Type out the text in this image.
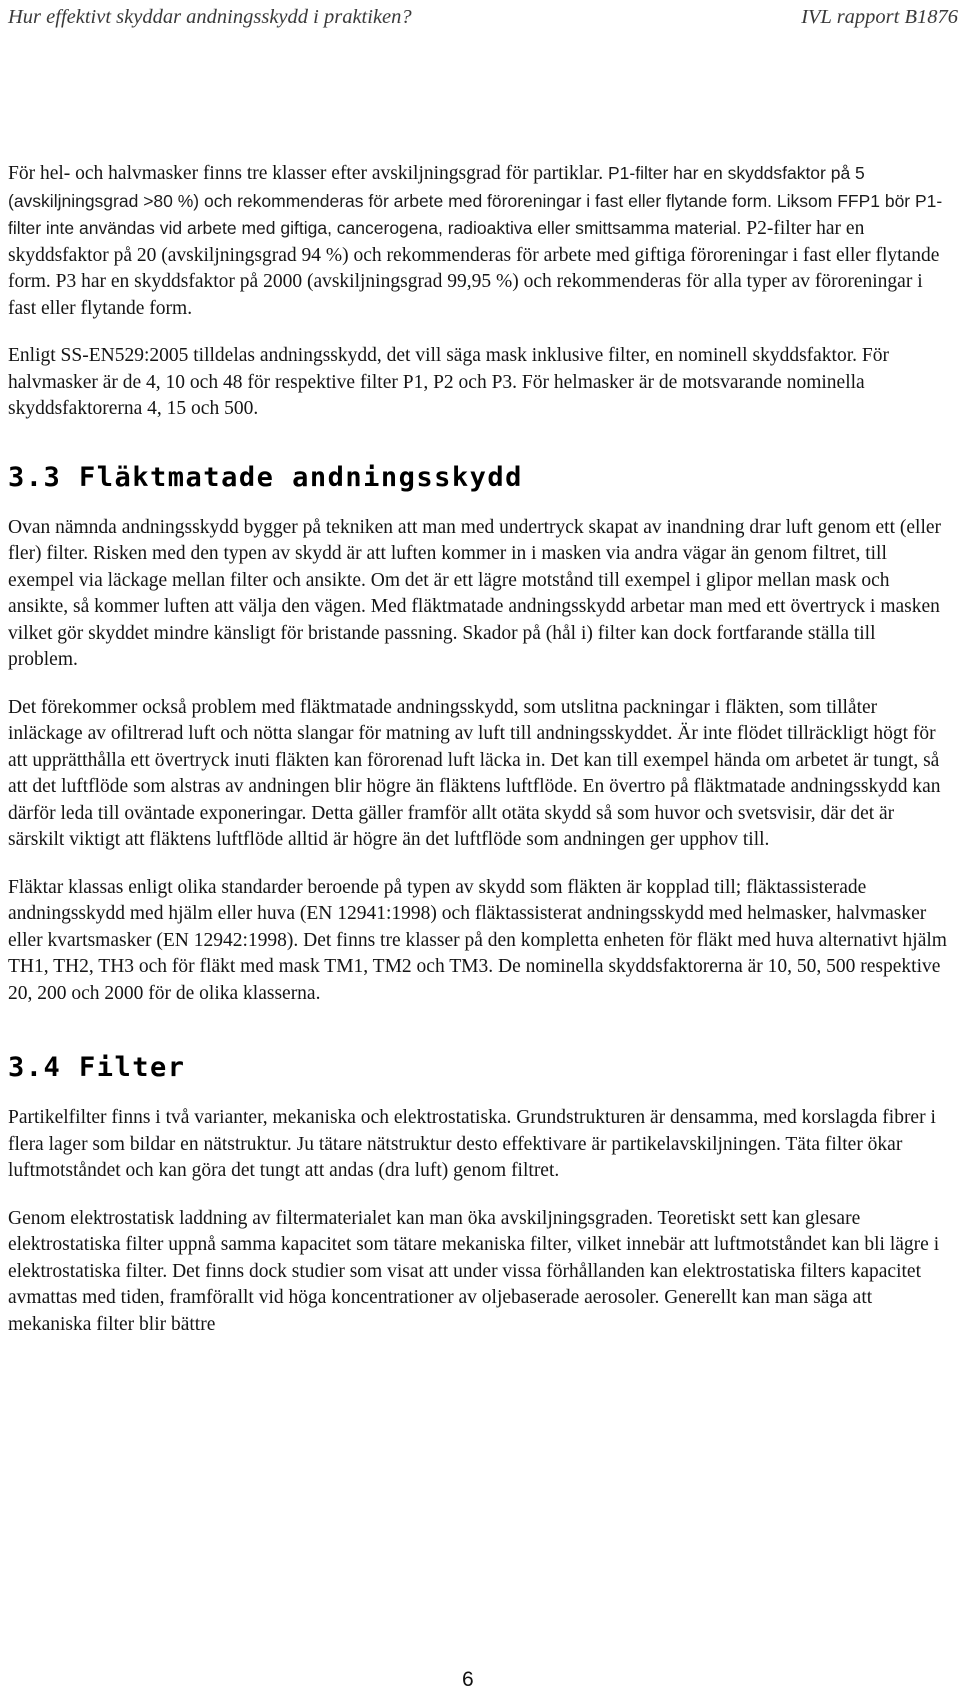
Hur effektivt skyddar andningsskydd i praktiken?	IVL rapport B1876

För hel- och halvmasker finns tre klasser efter avskiljningsgrad för partiklar. P1-filter har en skyddsfaktor på 5 (avskiljningsgrad >80 %) och rekommenderas för arbete med föroreningar i fast eller flytande form. Liksom FFP1 bör P1-filter inte användas vid arbete med giftiga, cancerogena, radioaktiva eller smittsamma material. P2-filter har en skyddsfaktor på 20 (avskiljningsgrad 94 %) och rekommenderas för arbete med giftiga föroreningar i fast eller flytande form. P3 har en skyddsfaktor på 2000 (avskiljningsgrad 99,95 %) och rekommenderas för alla typer av föroreningar i fast eller flytande form.

Enligt SS-EN529:2005 tilldelas andningsskydd, det vill säga mask inklusive filter, en nominell skyddsfaktor. För halvmasker är de 4, 10 och 48 för respektive filter P1, P2 och P3. För helmasker är de motsvarande nominella skyddsfaktorerna 4, 15 och 500.

3.3 Fläktmatade andningsskydd

Ovan nämnda andningsskydd bygger på tekniken att man med undertryck skapat av inandning drar luft genom ett (eller fler) filter. Risken med den typen av skydd är att luften kommer in i masken via andra vägar än genom filtret, till exempel via läckage mellan filter och ansikte. Om det är ett lägre motstånd till exempel i glipor mellan mask och ansikte, så kommer luften att välja den vägen. Med fläktmatade andningsskydd arbetar man med ett övertryck i masken vilket gör skyddet mindre känsligt för bristande passning. Skador på (hål i) filter kan dock fortfarande ställa till problem.

Det förekommer också problem med fläktmatade andningsskydd, som utslitna packningar i fläkten, som tillåter inläckage av ofiltrerad luft och nötta slangar för matning av luft till andningsskyddet. Är inte flödet tillräckligt högt för att upprätthålla ett övertryck inuti fläkten kan förorenad luft läcka in. Det kan till exempel hända om arbetet är tungt, så att det luftflöde som alstras av andningen blir högre än fläktens luftflöde. En övertro på fläktmatade andningsskydd kan därför leda till oväntade exponeringar. Detta gäller framför allt otäta skydd så som huvor och svetsvisir, där det är särskilt viktigt att fläktens luftflöde alltid är högre än det luftflöde som andningen ger upphov till.

Fläktar klassas enligt olika standarder beroende på typen av skydd som fläkten är kopplad till; fläktassisterade andningsskydd med hjälm eller huva (EN 12941:1998) och fläktassisterat andningsskydd med helmasker, halvmasker eller kvartsmasker (EN 12942:1998). Det finns tre klasser på den kompletta enheten för fläkt med huva alternativt hjälm TH1, TH2, TH3 och för fläkt med mask TM1, TM2 och TM3. De nominella skyddsfaktorerna är 10, 50, 500 respektive 20, 200 och 2000 för de olika klasserna.

3.4 Filter

Partikelfilter finns i två varianter, mekaniska och elektrostatiska. Grundstrukturen är densamma, med korslagda fibrer i flera lager som bildar en nätstruktur. Ju tätare nätstruktur desto effektivare är partikelavskiljningen. Täta filter ökar luftmotståndet och kan göra det tungt att andas (dra luft) genom filtret.

Genom elektrostatisk laddning av filtermaterialet kan man öka avskiljningsgraden. Teoretiskt sett kan glesare elektrostatiska filter uppnå samma kapacitet som tätare mekaniska filter, vilket innebär att luftmotståndet kan bli lägre i elektrostatiska filter. Det finns dock studier som visat att under vissa förhållanden kan elektrostatiska filters kapacitet avmattas med tiden, framförallt vid höga koncentrationer av oljebaserade aerosoler. Generellt kan man säga att mekaniska filter blir bättre

6
